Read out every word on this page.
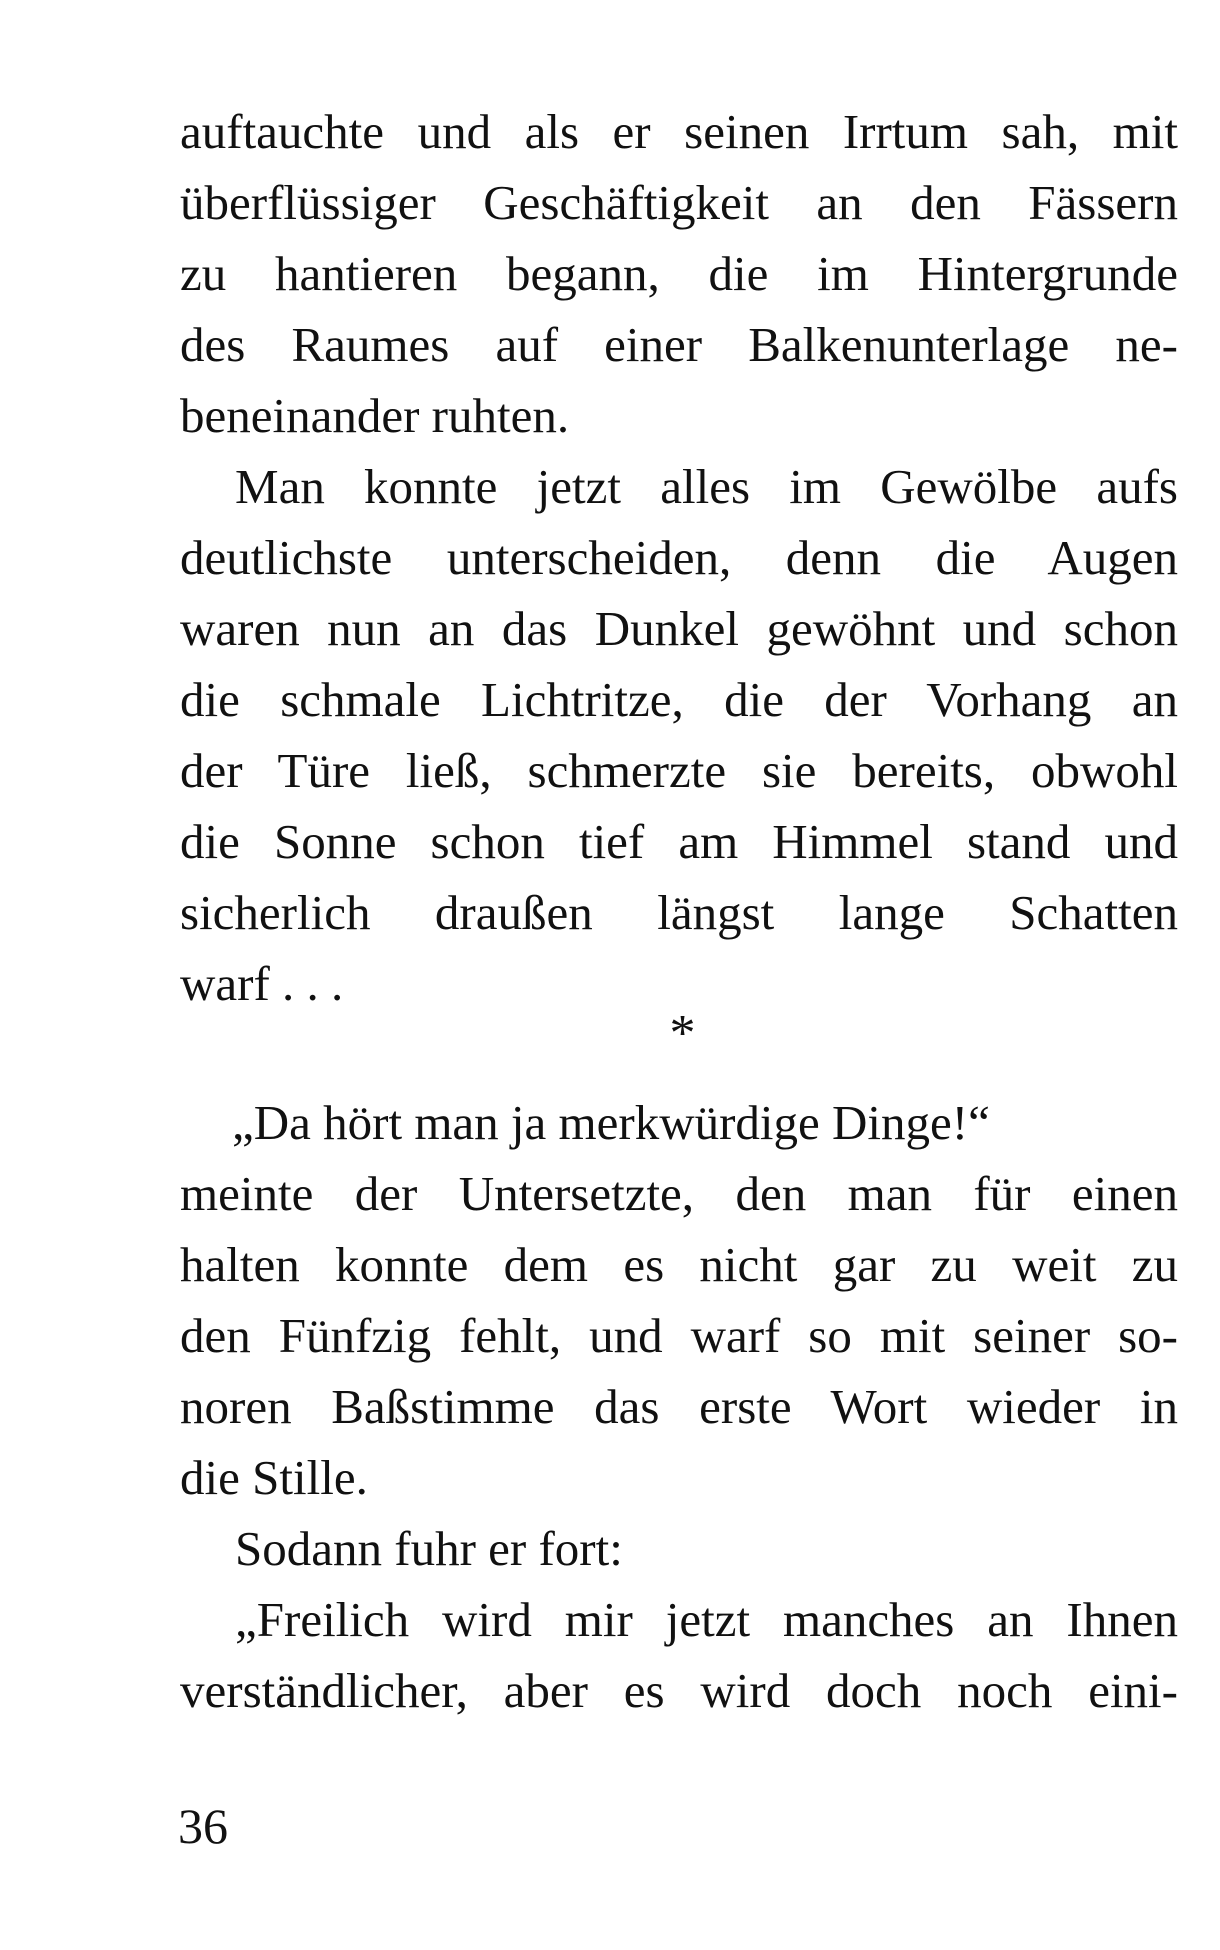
auftauchte und als er seinen Irrtum sah, mit
überflüssiger Geschäftigkeit an den Fässern
zu hantieren begann, die im Hintergrunde
des Raumes auf einer Balkenunterlage ne-
beneinander ruhten.
Man konnte jetzt alles im Gewölbe aufs
deutlichste unterscheiden, denn die Augen
waren nun an das Dunkel gewöhnt und schon
die schmale Lichtritze, die der Vorhang an
der Türe ließ, schmerzte sie bereits, obwohl
die Sonne schon tief am Himmel stand und
sicherlich draußen längst lange Schatten
warf . . .
*
„Da hört man ja merkwürdige Dinge!“
meinte der Untersetzte, den man für einen
halten konnte dem es nicht gar zu weit zu
den Fünfzig fehlt, und warf so mit seiner so-
noren Baßstimme das erste Wort wieder in
die Stille.
Sodann fuhr er fort:
„Freilich wird mir jetzt manches an Ihnen
verständlicher, aber es wird doch noch eini-
36
